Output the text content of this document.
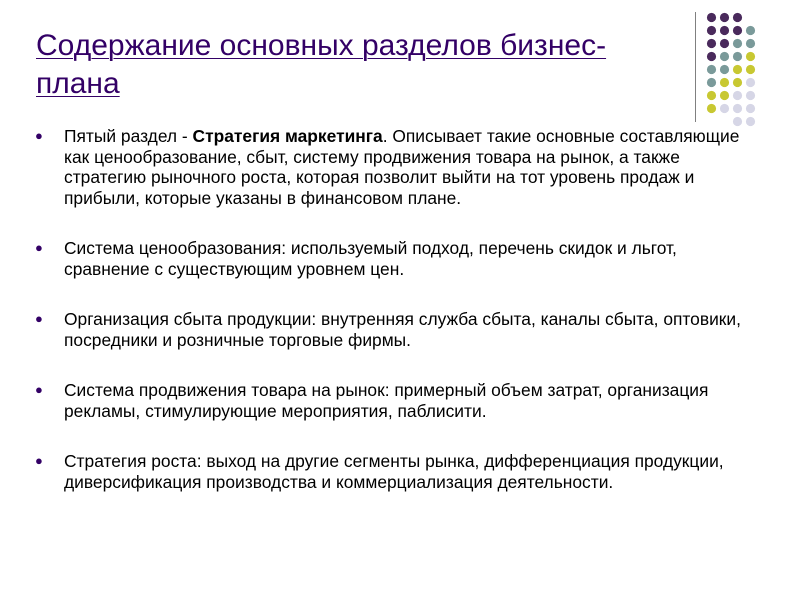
Содержание основных разделов бизнес-
плана
● Пятый раздел - Стратегия маркетинга. Описывает такие основные составляющие как ценообразование, сбыт, систему продвижения товара на рынок, а также стратегию рыночного роста, которая позволит выйти на тот уровень продаж и прибыли, которые указаны в финансовом плане.
● Система ценообразования: используемый подход, перечень скидок и льгот, сравнение с существующим уровнем цен.
● Организация сбыта продукции: внутренняя служба сбыта, каналы сбыта, оптовики, посредники и розничные торговые фирмы.
● Система продвижения товара на рынок: примерный объем затрат, организация рекламы, стимулирующие мероприятия, паблисити.
● Стратегия роста: выход на другие сегменты рынка, дифференциация продукции, диверсификация производства и коммерциализация деятельности.
